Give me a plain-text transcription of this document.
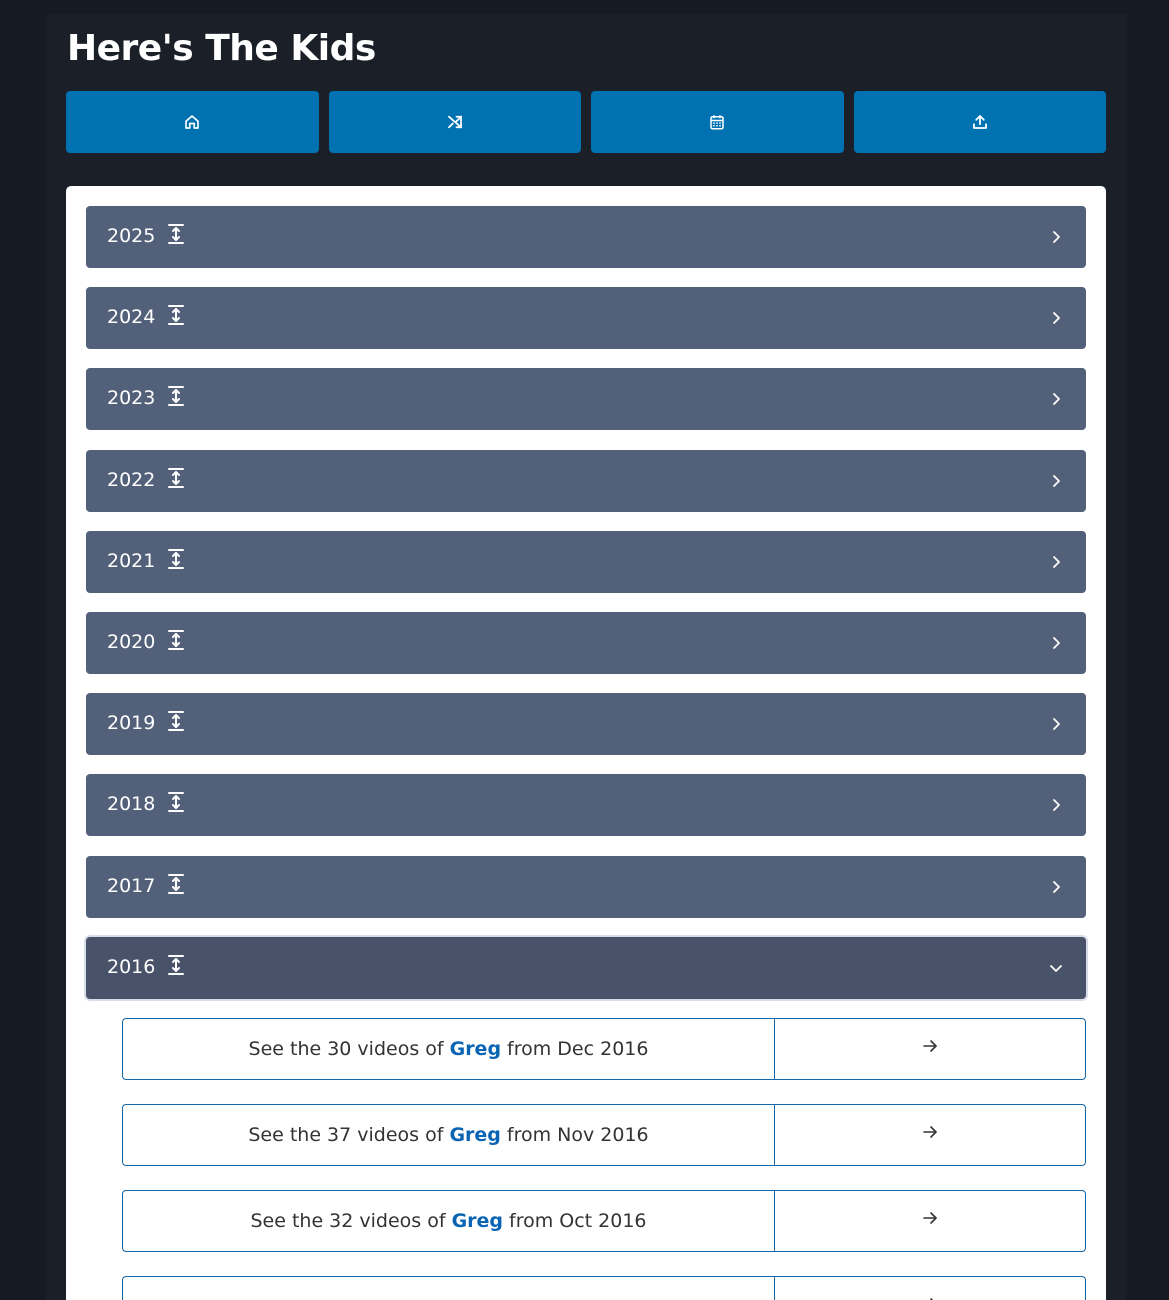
Here's The Kids
2025
2024
2023
2022
2021
2020
2019
2018
2017
2016
See the 30 videos of Greg from Dec 2016
See the 37 videos of Greg from Nov 2016
See the 32 videos of Greg from Oct 2016
